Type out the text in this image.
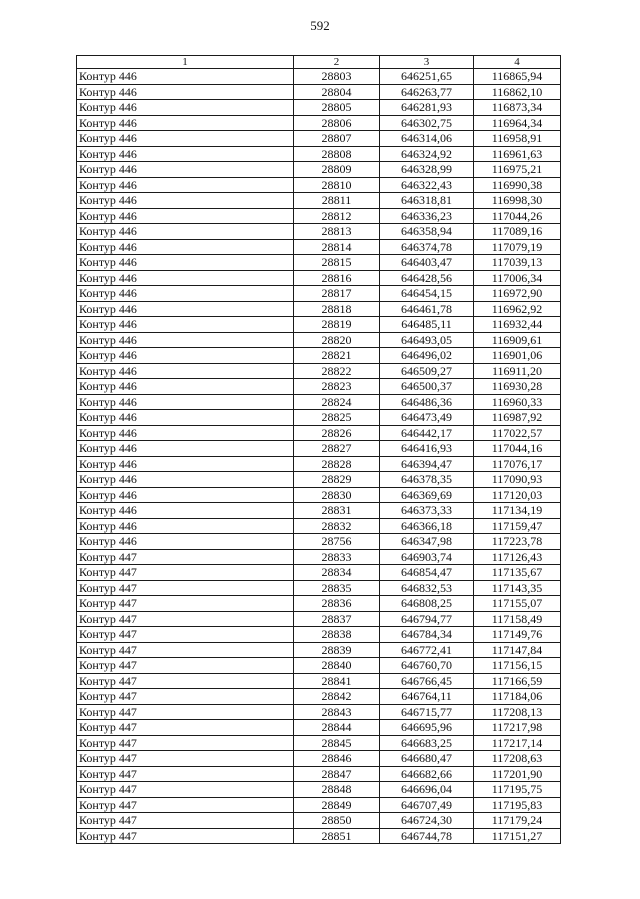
592
1	2	3	4
Контур 446	28803	646251,65	116865,94
Контур 446	28804	646263,77	116862,10
Контур 446	28805	646281,93	116873,34
Контур 446	28806	646302,75	116964,34
Контур 446	28807	646314,06	116958,91
Контур 446	28808	646324,92	116961,63
Контур 446	28809	646328,99	116975,21
Контур 446	28810	646322,43	116990,38
Контур 446	28811	646318,81	116998,30
Контур 446	28812	646336,23	117044,26
Контур 446	28813	646358,94	117089,16
Контур 446	28814	646374,78	117079,19
Контур 446	28815	646403,47	117039,13
Контур 446	28816	646428,56	117006,34
Контур 446	28817	646454,15	116972,90
Контур 446	28818	646461,78	116962,92
Контур 446	28819	646485,11	116932,44
Контур 446	28820	646493,05	116909,61
Контур 446	28821	646496,02	116901,06
Контур 446	28822	646509,27	116911,20
Контур 446	28823	646500,37	116930,28
Контур 446	28824	646486,36	116960,33
Контур 446	28825	646473,49	116987,92
Контур 446	28826	646442,17	117022,57
Контур 446	28827	646416,93	117044,16
Контур 446	28828	646394,47	117076,17
Контур 446	28829	646378,35	117090,93
Контур 446	28830	646369,69	117120,03
Контур 446	28831	646373,33	117134,19
Контур 446	28832	646366,18	117159,47
Контур 446	28756	646347,98	117223,78
Контур 447	28833	646903,74	117126,43
Контур 447	28834	646854,47	117135,67
Контур 447	28835	646832,53	117143,35
Контур 447	28836	646808,25	117155,07
Контур 447	28837	646794,77	117158,49
Контур 447	28838	646784,34	117149,76
Контур 447	28839	646772,41	117147,84
Контур 447	28840	646760,70	117156,15
Контур 447	28841	646766,45	117166,59
Контур 447	28842	646764,11	117184,06
Контур 447	28843	646715,77	117208,13
Контур 447	28844	646695,96	117217,98
Контур 447	28845	646683,25	117217,14
Контур 447	28846	646680,47	117208,63
Контур 447	28847	646682,66	117201,90
Контур 447	28848	646696,04	117195,75
Контур 447	28849	646707,49	117195,83
Контур 447	28850	646724,30	117179,24
Контур 447	28851	646744,78	117151,27
